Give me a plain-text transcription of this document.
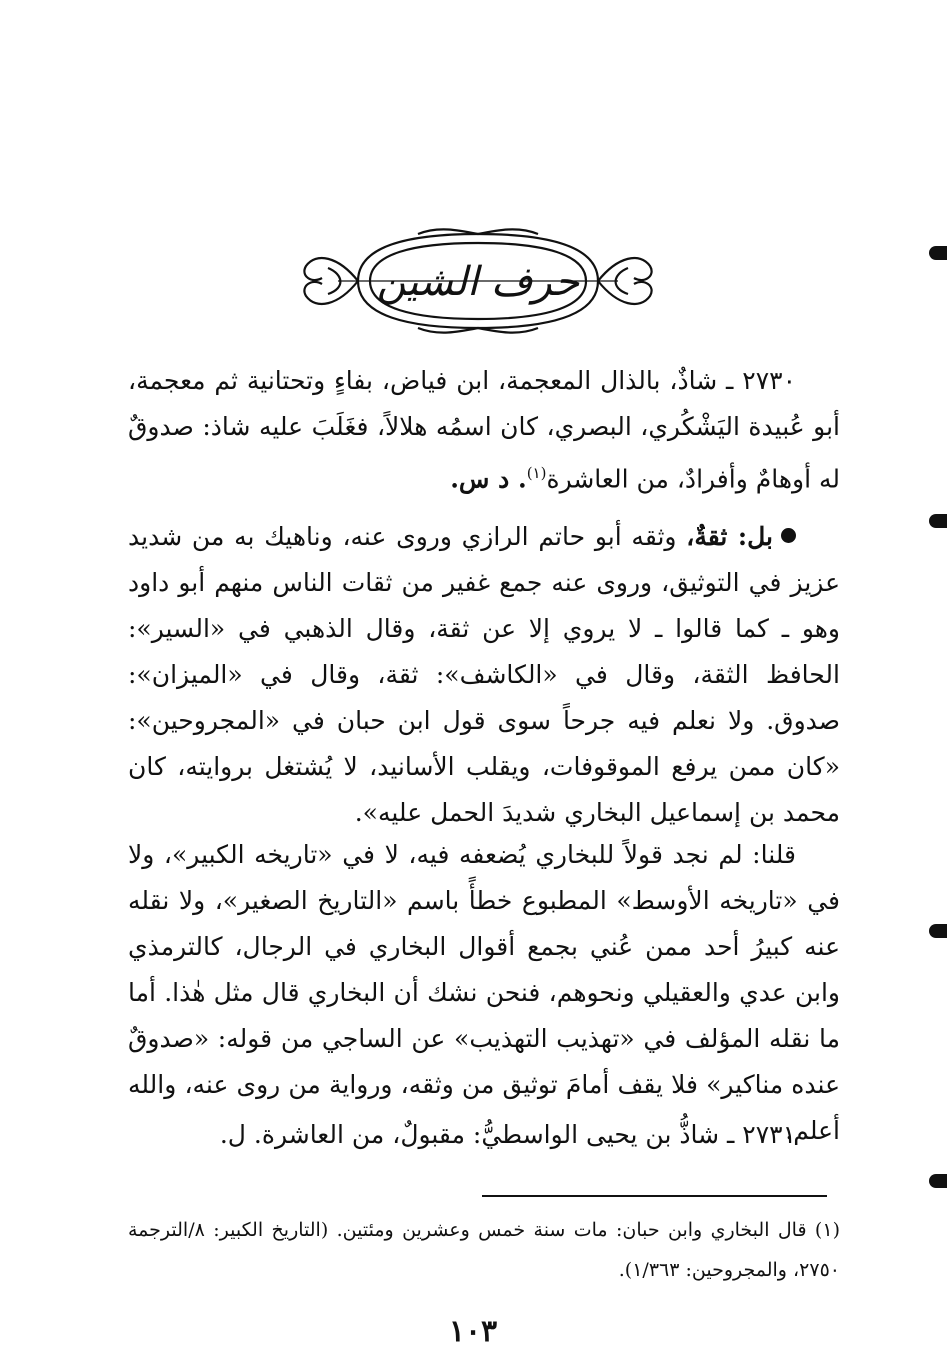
حرف الشين

٢٧٣٠ ـ شاذٌ، بالذال المعجمة، ابن فياض، بفاءٍ وتحتانية ثم معجمة، أبو عُبيدة اليَشْكُري، البصري، كان اسمُه هلالاً، فغَلَبَ عليه شاذ: صدوقٌ له أوهامٌ وأفرادٌ، من العاشرة$^{(١)}$. د س.

بل: ثقةٌ، وثقه أبو حاتم الرازي وروى عنه، وناهيك به من شديد عزيز في التوثيق، وروى عنه جمع غفير من ثقات الناس منهم أبو داود وهو ـ كما قالوا ـ لا يروي إلا عن ثقة، وقال الذهبي في «السير»: الحافظ الثقة، وقال في «الكاشف»: ثقة، وقال في «الميزان»: صدوق. ولا نعلم فيه جرحاً سوى قول ابن حبان في «المجروحين»: «كان ممن يرفع الموقوفات، ويقلب الأسانيد، لا يُشتغل بروايته، كان محمد بن إسماعيل البخاري شديدَ الحمل عليه».

قلنا: لم نجد قولاً للبخاري يُضعفه فيه، لا في «تاريخه الكبير»، ولا في «تاريخه الأوسط» المطبوع خطأً باسم «التاريخ الصغير»، ولا نقله عنه كبيرُ أحد ممن عُني بجمع أقوال البخاري في الرجال، كالترمذي وابن عدي والعقيلي ونحوهم، فنحن نشك أن البخاري قال مثل هٰذا. أما ما نقله المؤلف في «تهذيب التهذيب» عن الساجي من قوله: «صدوقٌ عنده مناكير» فلا يقف أمامَ توثيق من وثقه، ورواية من روى عنه، والله أعلم.

٢٧٣١ ـ شاذُّ بن يحيى الواسطيُّ: مقبولٌ، من العاشرة. ل.

(١) قال البخاري وابن حبان: مات سنة خمس وعشرين ومئتين. (التاريخ الكبير: ٨/الترجمة ٢٧٥٠، والمجروحين: ١/٣٦٣).

١٠٣
